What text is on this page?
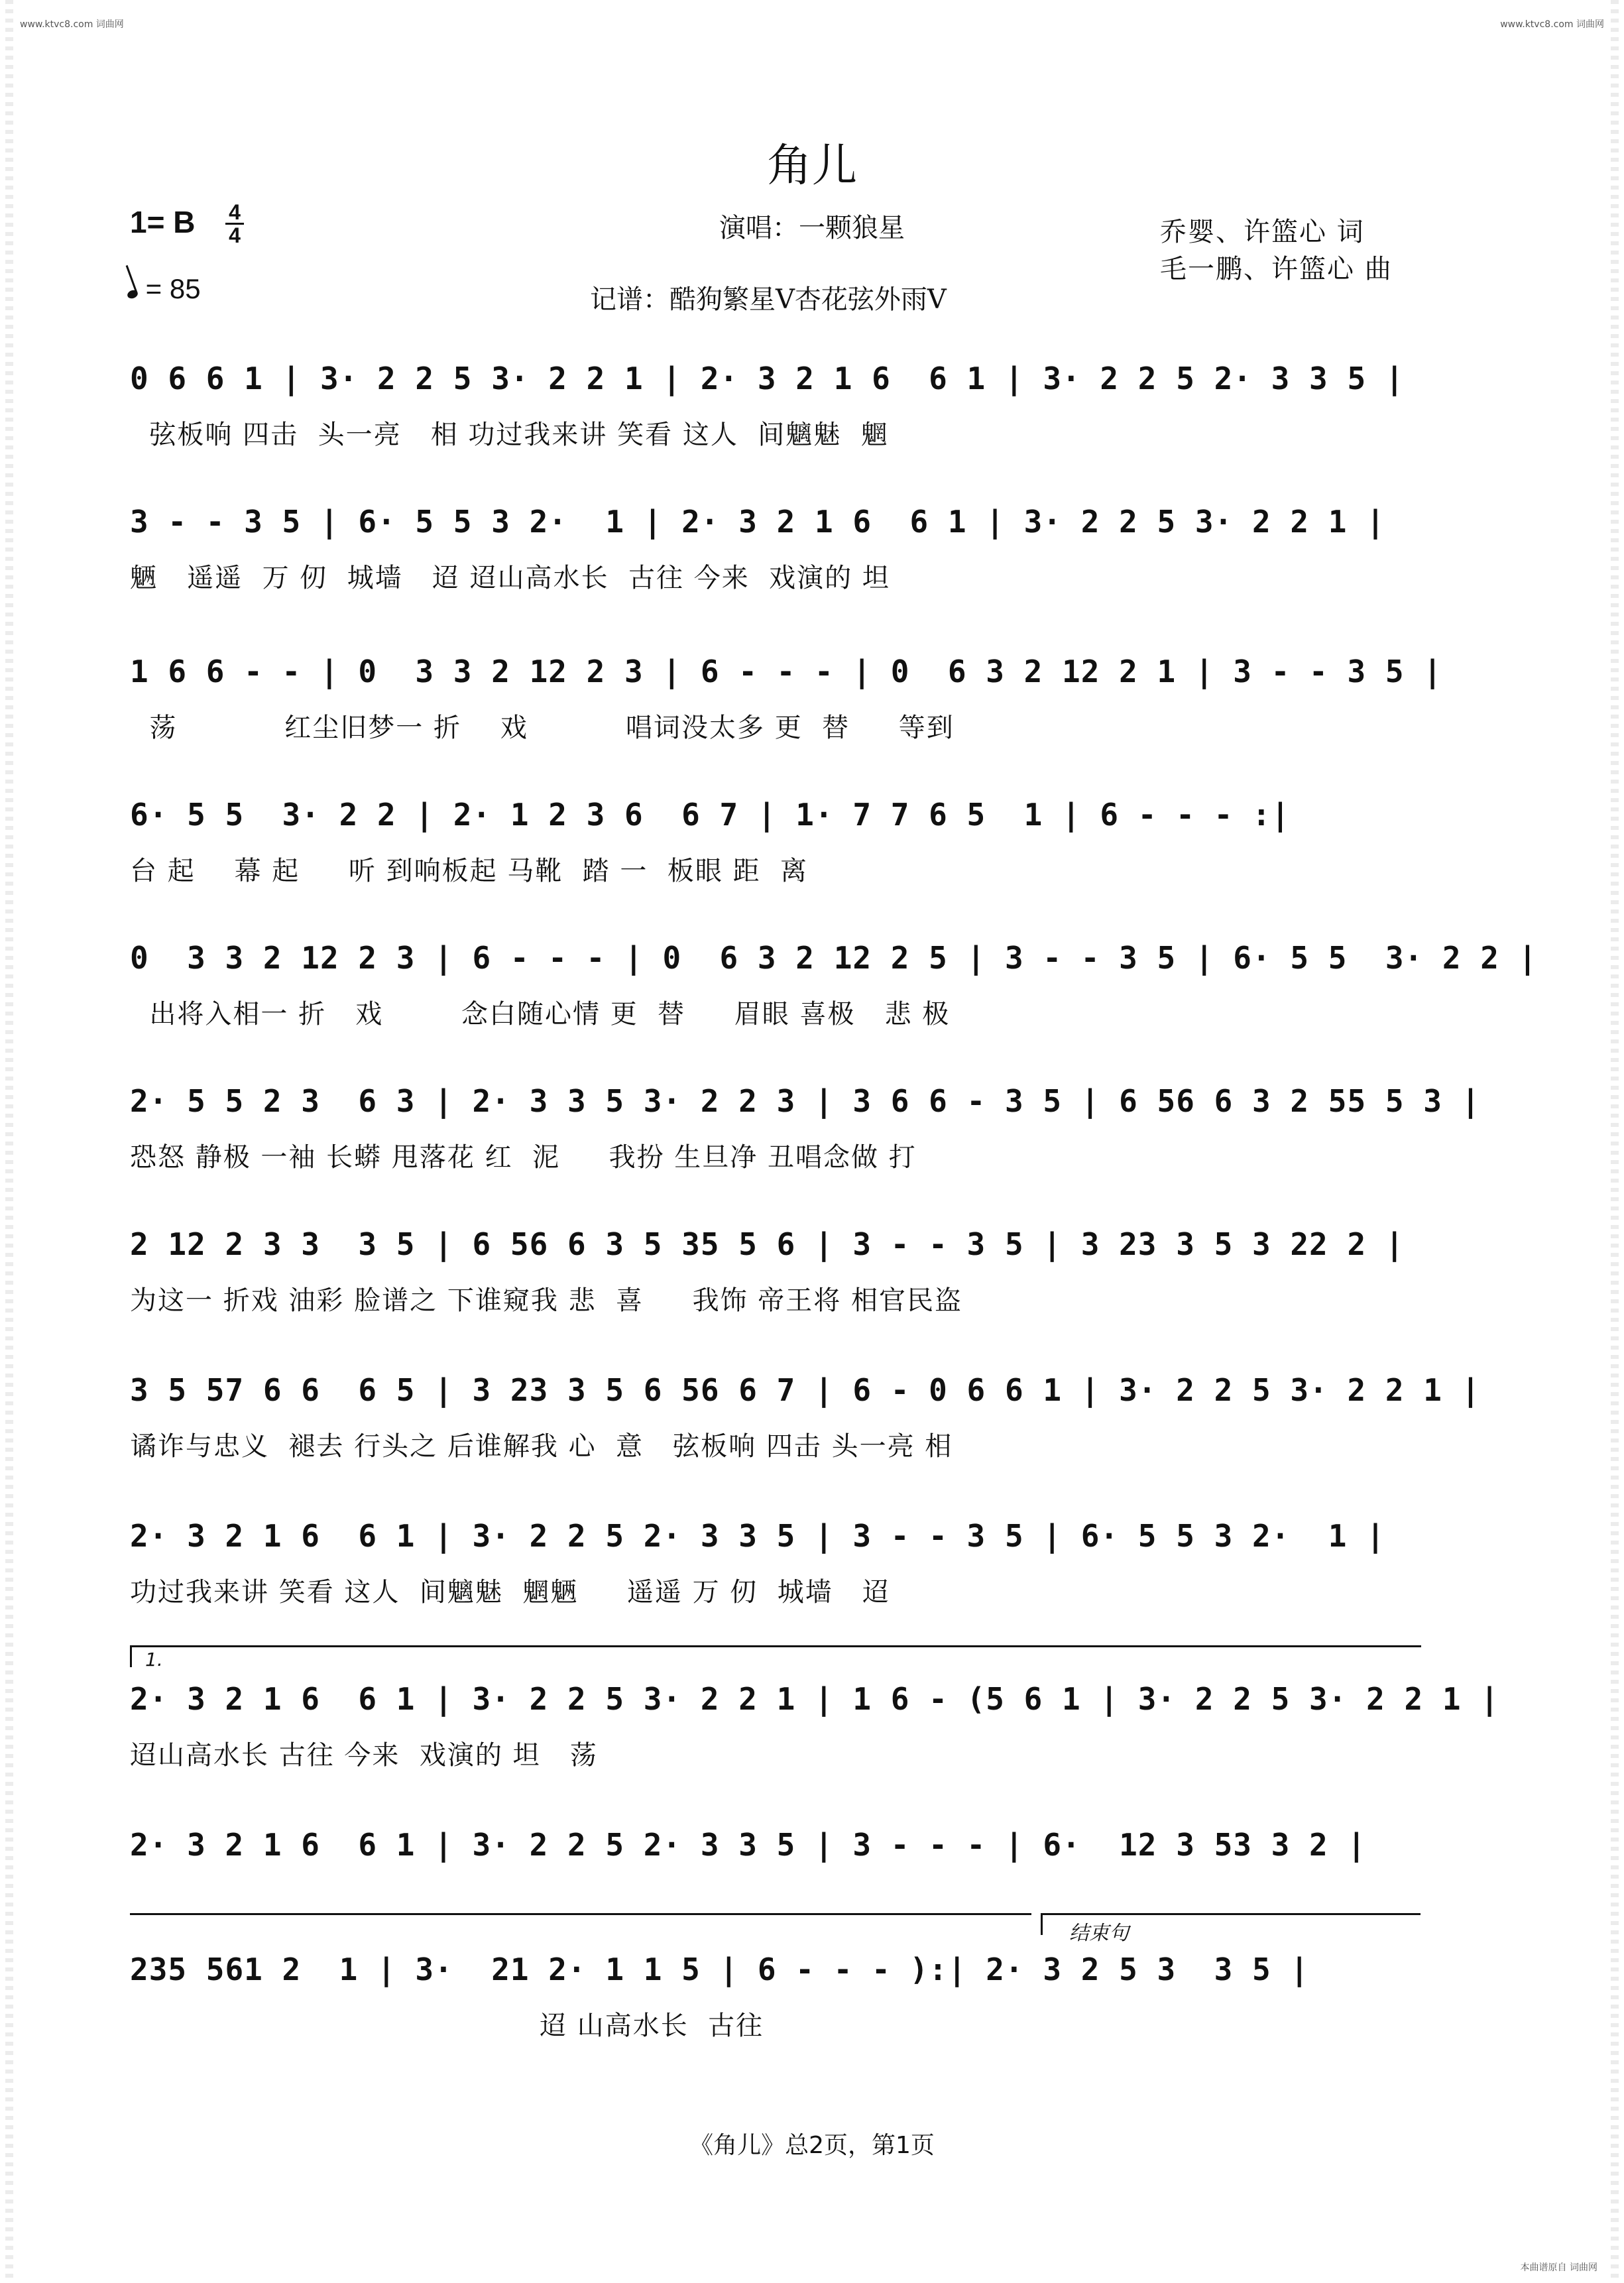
www.ktvc8.com 词曲网	www.ktvc8.com 词曲网
角儿
1= B 4
4
= 85
演唱：一颗狼星	乔婴、许篮心 词
毛一鹏、许篮心 曲
记谱：酷狗繁星V杏花弦外雨V
0 6 6 1 | 3· 2 2 5 3· 2 2 1 | 2· 3 2 1 6  6 1 | 3· 2 2 5 2· 3 3 5 |
弦板响 四击  头一亮   相 功过我来讲 笑看 这人  间魑魅  魍
3 - - 3 5 | 6· 5 5 3 2·  1 | 2· 3 2 1 6  6 1 | 3· 2 2 5 3· 2 2 1 |
魉   遥遥  万 仞  城墙   迢 迢山高水长  古往 今来  戏演的 坦
1 6 6 - - | 0  3 3 2 12 2 3 | 6 - - - | 0  6 3 2 12 2 1 | 3 - - 3 5 |
荡           红尘旧梦一 折    戏          唱词没太多 更  替     等到
6· 5 5  3· 2 2 | 2· 1 2 3 6  6 7 | 1· 7 7 6 5  1 | 6 - - - :|
台 起    幕 起     听 到响板起 马靴  踏 一  板眼 距  离
0  3 3 2 12 2 3 | 6 - - - | 0  6 3 2 12 2 5 | 3 - - 3 5 | 6· 5 5  3· 2 2 |
出将入相一 折   戏        念白随心情 更  替     眉眼 喜极   悲 极
2· 5 5 2 3  6 3 | 2· 3 3 5 3· 2 2 3 | 3 6 6 - 3 5 | 6 56 6 3 2 55 5 3 |
恐怒 静极 一袖 长蟒 甩落花 红  泥     我扮 生旦净 丑唱念做 打
2 12 2 3 3  3 5 | 6 56 6 3 5 35 5 6 | 3 - - 3 5 | 3 23 3 5 3 22 2 |
为这一 折戏 油彩 脸谱之 下谁窥我 悲  喜     我饰 帝王将 相官民盗
3 5 57 6 6  6 5 | 3 23 3 5 6 56 6 7 | 6 - 0 6 6 1 | 3· 2 2 5 3· 2 2 1 |
谲诈与忠义  褪去 行头之 后谁解我 心  意   弦板响 四击 头一亮 相
2· 3 2 1 6  6 1 | 3· 2 2 5 2· 3 3 5 | 3 - - 3 5 | 6· 5 5 3 2·  1 |
功过我来讲 笑看 这人  间魑魅  魍魉     遥遥 万 仞  城墙   迢
1.
2· 3 2 1 6  6 1 | 3· 2 2 5 3· 2 2 1 | 1 6 - (5 6 1 | 3· 2 2 5 3· 2 2 1 |
迢山高水长 古往 今来  戏演的 坦   荡
2· 3 2 1 6  6 1 | 3· 2 2 5 2· 3 3 5 | 3 - - - | 6·  12 3 53 3 2 |
结束句
235 561 2  1 | 3·  21 2· 1 1 5 | 6 - - - ):| 2· 3 2 5 3  3 5 |
迢 山高水长  古往
《角儿》总2页，第1页
本曲谱原自 词曲网
